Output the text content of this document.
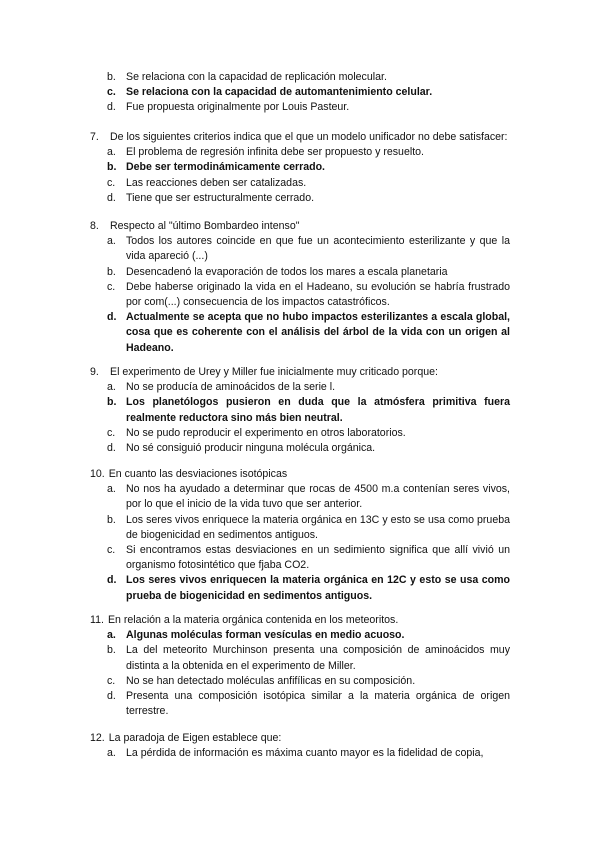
b. Se relaciona con la capacidad de replicación molecular.
c. Se relaciona con la capacidad de automantenimiento celular.
d. Fue propuesta originalmente por Louis Pasteur.

7. De los siguientes criterios indica que el que un modelo unificador no debe satisfacer:

a. El problema de regresión infinita debe ser propuesto y resuelto.
b. Debe ser termodinámicamente cerrado.
c. Las reacciones deben ser catalizadas.
d. Tiene que ser estructuralmente cerrado.

8. Respecto al "último Bombardeo intenso"

a. Todos los autores coincide en que fue un acontecimiento esterilizante y que la vida apareció (...)
b. Desencadenó la evaporación de todos los mares a escala planetaria
c. Debe haberse originado la vida en el Hadeano, su evolución se habría frustrado por com(...) consecuencia de los impactos catastróficos.
d. Actualmente se acepta que no hubo impactos esterilizantes a escala global, cosa que es coherente con el análisis del árbol de la vida con un origen al Hadeano.

9. El experimento de Urey y Miller fue inicialmente muy criticado porque:

a. No se producía de aminoácidos de la serie l.
b. Los planetólogos pusieron en duda que la atmósfera primitiva fuera realmente reductora sino más bien neutral.
c. No se pudo reproducir el experimento en otros laboratorios.
d. No sé consiguió producir ninguna molécula orgánica.

10. En cuanto las desviaciones isotópicas

a. No nos ha ayudado a determinar que rocas de 4500 m.a contenían seres vivos, por lo que el inicio de la vida tuvo que ser anterior.
b. Los seres vivos enriquece la materia orgánica en 13C y esto se usa como prueba de biogenicidad en sedimentos antiguos.
c. Si encontramos estas desviaciones en un sedimiento significa que allí vivió un organismo fotosintético que fjaba CO2.
d. Los seres vivos enriquecen la materia orgánica en 12C y esto se usa como prueba de biogenicidad en sedimentos antiguos.

11. En relación a la materia orgánica contenida en los meteoritos.

a. Algunas moléculas forman vesículas en medio acuoso.
b. La del meteorito Murchinson presenta una composición de aminoácidos muy distinta a la obtenida en el experimento de Miller.
c. No se han detectado moléculas anfifílicas en su composición.
d. Presenta una composición isotópica similar a la materia orgánica de origen terrestre.

12. La paradoja de Eigen establece que:

a. La pérdida de información es máxima cuanto mayor es la fidelidad de copia,
